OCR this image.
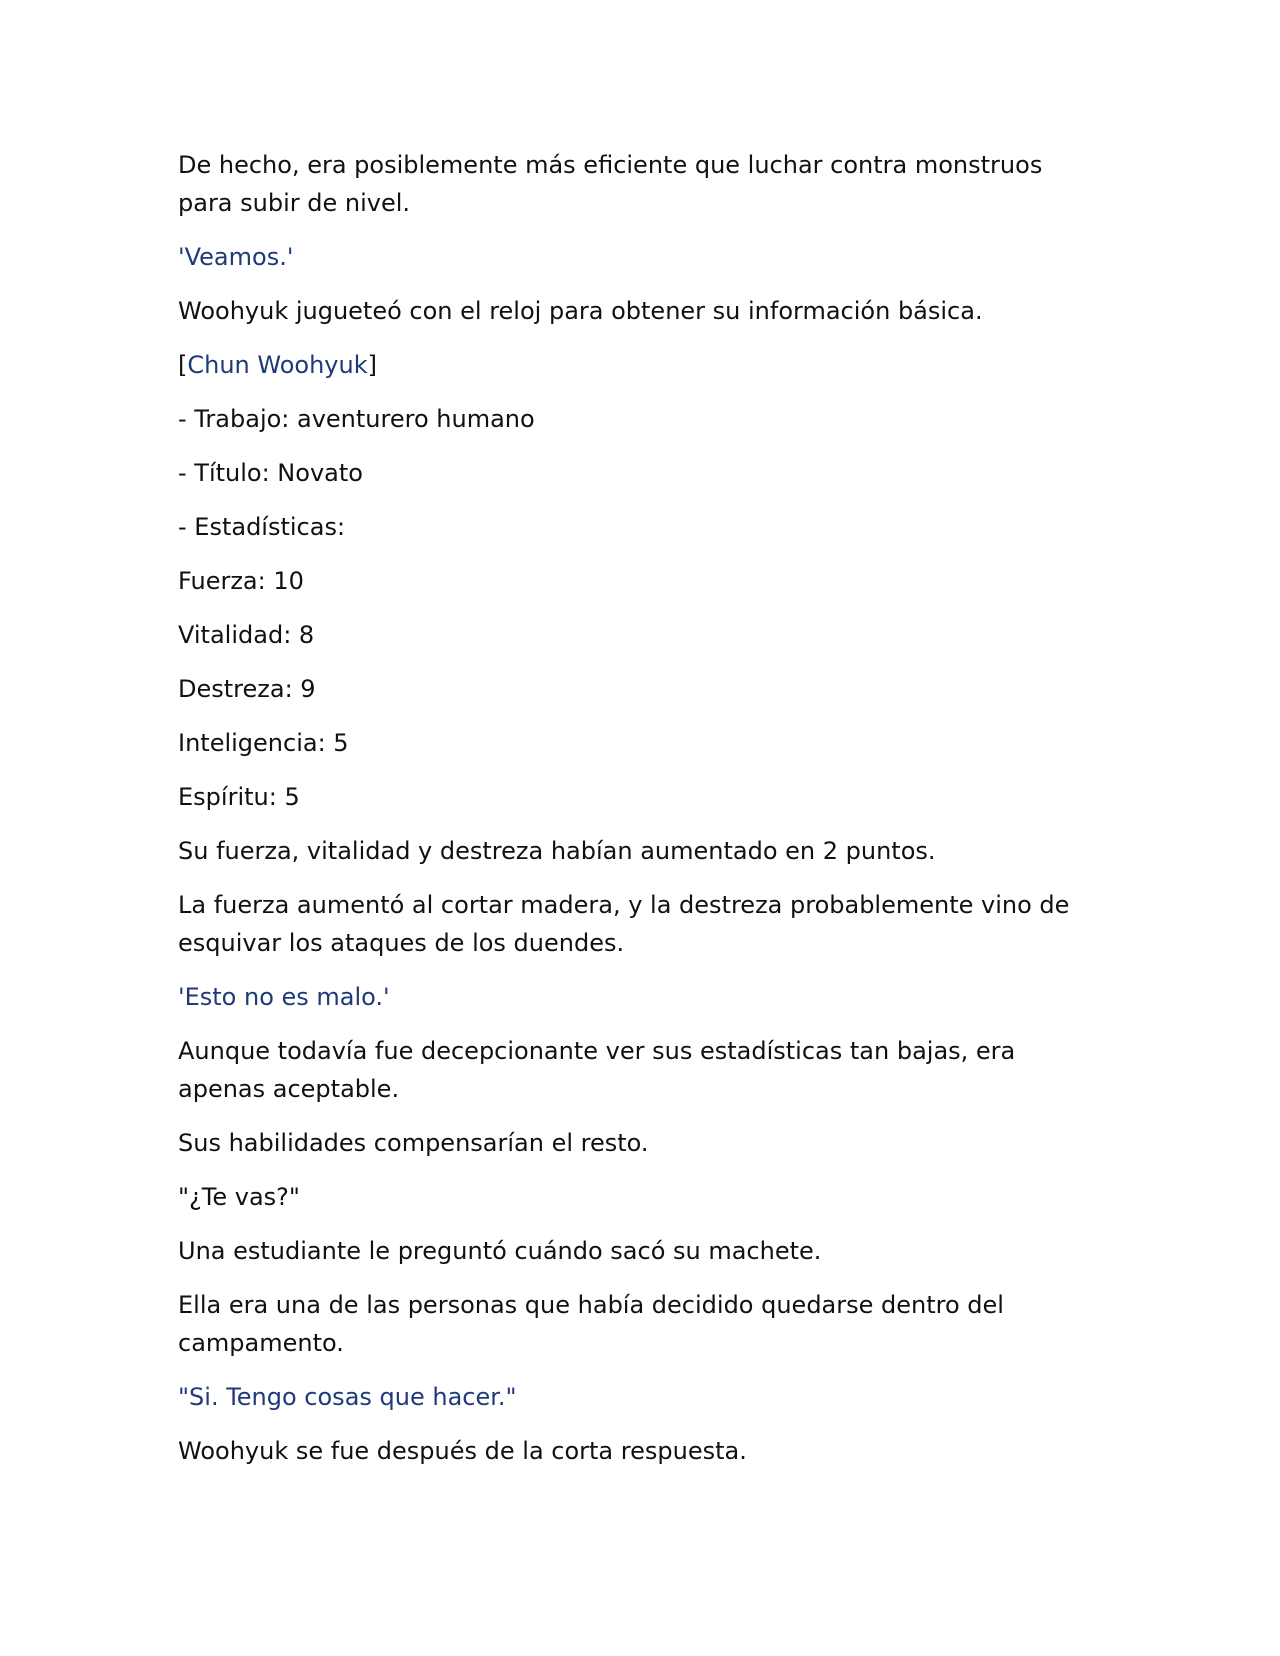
De hecho, era posiblemente más eficiente que luchar contra monstruos para subir de nivel.

'Veamos.'

Woohyuk jugueteó con el reloj para obtener su información básica.

[Chun Woohyuk]

- Trabajo: aventurero humano

- Título: Novato

- Estadísticas:

Fuerza: 10

Vitalidad: 8

Destreza: 9

Inteligencia: 5

Espíritu: 5

Su fuerza, vitalidad y destreza habían aumentado en 2 puntos.

La fuerza aumentó al cortar madera, y la destreza probablemente vino de esquivar los ataques de los duendes.

'Esto no es malo.'

Aunque todavía fue decepcionante ver sus estadísticas tan bajas, era apenas aceptable.

Sus habilidades compensarían el resto.

"¿Te vas?"

Una estudiante le preguntó cuándo sacó su machete.

Ella era una de las personas que había decidido quedarse dentro del campamento.

"Si. Tengo cosas que hacer."

Woohyuk se fue después de la corta respuesta.
